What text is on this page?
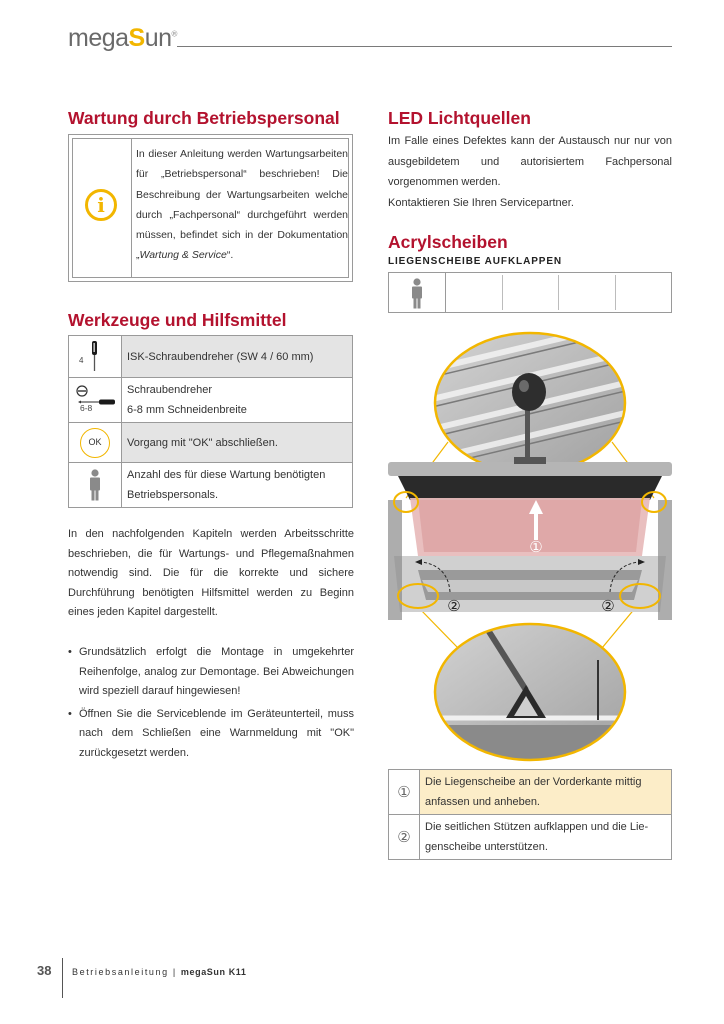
megaSun®
Wartung durch Betriebspersonal
i
In dieser Anleitung werden Wartungsarbeiten für „Betriebspersonal“ beschrieben! Die Beschreibung der Wartungsarbeiten welche durch „Fachpersonal“ durchgeführt werden müssen, befindet sich in der Dokumentation „Wartung & Service“.
Werkzeuge und Hilfsmittel
4	ISK-Schraubendreher (SW 4 / 60 mm)

6-8	Schraubendreher
6-8 mm Schneidenbreite

OK	Vorgang mit "OK" abschließen.

	Anzahl des für diese Wartung benötigten Betriebspersonals.
In den nachfolgenden Kapiteln werden Arbeitsschritte beschrieben, die für Wartungs- und Pflegemaßnahmen notwendig sind. Die für die korrekte und sichere Durchführung benötigten Hilfsmittel werden zu Beginn eines jeden Kapitel dargestellt.
• Grundsätzlich erfolgt die Montage in umgekehrter Reihenfolge, analog zur Demontage. Bei Abweichungen wird speziell darauf hingewiesen!
• Öffnen Sie die Serviceblende im Geräteunterteil, muss nach dem Schließen eine Warnmeldung mit "OK" zurückgesetzt werden.
LED Lichtquellen
Im Falle eines Defektes kann der Austausch nur nur von ausgebildetem und autorisiertem Fachpersonal vorgenommen werden.
Kontaktieren Sie Ihren Servicepartner.
Acrylscheiben
LIEGENSCHEIBE AUFKLAPPEN
①
②	②
①	Die Liegenscheibe an der Vorderkante mittig anfassen und anheben.
②	Die seitlichen Stützen aufklappen und die Liegenscheibe unterstützen.
38 Betriebsanleitung | megaSun K11
